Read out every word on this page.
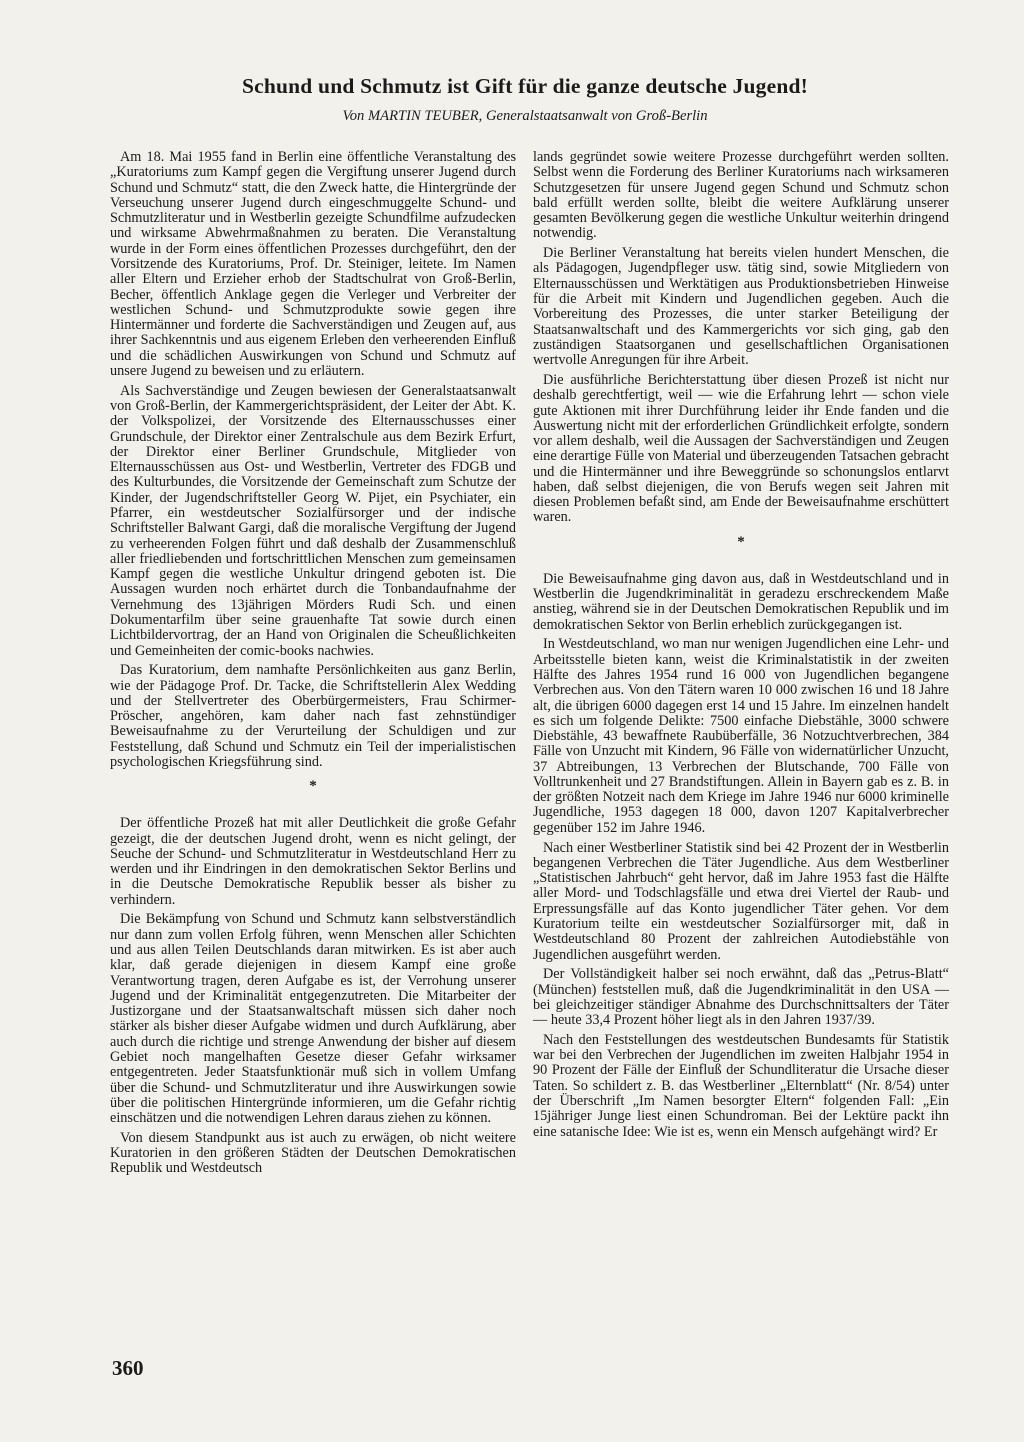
Schund und Schmutz ist Gift für die ganze deutsche Jugend!
Von MARTIN TEUBER, Generalstaatsanwalt von Groß-Berlin

Am 18. Mai 1955 fand in Berlin eine öffentliche Veranstaltung des „Kuratoriums zum Kampf gegen die Vergiftung unserer Jugend durch Schund und Schmutz“ statt, die den Zweck hatte, die Hintergründe der Verseuchung unserer Jugend durch eingeschmuggelte Schund- und Schmutzliteratur und in Westberlin gezeigte Schundfilme aufzudecken und wirksame Abwehrmaßnahmen zu beraten. Die Veranstaltung wurde in der Form eines öffentlichen Prozesses durchgeführt, den der Vorsitzende des Kuratoriums, Prof. Dr. Steiniger, leitete. Im Namen aller Eltern und Erzieher erhob der Stadtschulrat von Groß-Berlin, Becher, öffentlich Anklage gegen die Verleger und Verbreiter der westlichen Schund- und Schmutzprodukte sowie gegen ihre Hintermänner und forderte die Sachverständigen und Zeugen auf, aus ihrer Sachkenntnis und aus eigenem Erleben den verheerenden Einfluß und die schädlichen Auswirkungen von Schund und Schmutz auf unsere Jugend zu beweisen und zu erläutern.

Als Sachverständige und Zeugen bewiesen der Generalstaatsanwalt von Groß-Berlin, der Kammergerichtspräsident, der Leiter der Abt. K. der Volkspolizei, der Vorsitzende des Elternausschusses einer Grundschule, der Direktor einer Zentralschule aus dem Bezirk Erfurt, der Direktor einer Berliner Grundschule, Mitglieder von Elternausschüssen aus Ost- und Westberlin, Vertreter des FDGB und des Kulturbundes, die Vorsitzende der Gemeinschaft zum Schutze der Kinder, der Jugendschriftsteller Georg W. Pijet, ein Psychiater, ein Pfarrer, ein westdeutscher Sozialfürsorger und der indische Schriftsteller Balwant Gargi, daß die moralische Vergiftung der Jugend zu verheerenden Folgen führt und daß deshalb der Zusammenschluß aller friedliebenden und fortschrittlichen Menschen zum gemeinsamen Kampf gegen die westliche Unkultur dringend geboten ist. Die Aussagen wurden noch erhärtet durch die Tonbandaufnahme der Vernehmung des 13jährigen Mörders Rudi Sch. und einen Dokumentarfilm über seine grauenhafte Tat sowie durch einen Lichtbildervortrag, der an Hand von Originalen die Scheußlichkeiten und Gemeinheiten der comic-books nachwies.

Das Kuratorium, dem namhafte Persönlichkeiten aus ganz Berlin, wie der Pädagoge Prof. Dr. Tacke, die Schriftstellerin Alex Wedding und der Stellvertreter des Oberbürgermeisters, Frau Schirmer-Pröscher, angehören, kam daher nach fast zehnstündiger Beweisaufnahme zu der Verurteilung der Schuldigen und zur Feststellung, daß Schund und Schmutz ein Teil der imperialistischen psychologischen Kriegsführung sind.

*

Der öffentliche Prozeß hat mit aller Deutlichkeit die große Gefahr gezeigt, die der deutschen Jugend droht, wenn es nicht gelingt, der Seuche der Schund- und Schmutzliteratur in Westdeutschland Herr zu werden und ihr Eindringen in den demokratischen Sektor Berlins und in die Deutsche Demokratische Republik besser als bisher zu verhindern.

Die Bekämpfung von Schund und Schmutz kann selbstverständlich nur dann zum vollen Erfolg führen, wenn Menschen aller Schichten und aus allen Teilen Deutschlands daran mitwirken. Es ist aber auch klar, daß gerade diejenigen in diesem Kampf eine große Verantwortung tragen, deren Aufgabe es ist, der Verrohung unserer Jugend und der Kriminalität entgegenzutreten. Die Mitarbeiter der Justizorgane und der Staatsanwaltschaft müssen sich daher noch stärker als bisher dieser Aufgabe widmen und durch Aufklärung, aber auch durch die richtige und strenge Anwendung der bisher auf diesem Gebiet noch mangelhaften Gesetze dieser Gefahr wirksamer entgegentreten. Jeder Staatsfunktionär muß sich in vollem Umfang über die Schund- und Schmutzliteratur und ihre Auswirkungen sowie über die politischen Hintergründe informieren, um die Gefahr richtig einschätzen und die notwendigen Lehren daraus ziehen zu können.

Von diesem Standpunkt aus ist auch zu erwägen, ob nicht weitere Kuratorien in den größeren Städten der Deutschen Demokratischen Republik und Westdeutsch

lands gegründet sowie weitere Prozesse durchgeführt werden sollten. Selbst wenn die Forderung des Berliner Kuratoriums nach wirksameren Schutzgesetzen für unsere Jugend gegen Schund und Schmutz schon bald erfüllt werden sollte, bleibt die weitere Aufklärung unserer gesamten Bevölkerung gegen die westliche Unkultur weiterhin dringend notwendig.

Die Berliner Veranstaltung hat bereits vielen hundert Menschen, die als Pädagogen, Jugendpfleger usw. tätig sind, sowie Mitgliedern von Elternausschüssen und Werktätigen aus Produktionsbetrieben Hinweise für die Arbeit mit Kindern und Jugendlichen gegeben. Auch die Vorbereitung des Prozesses, die unter starker Beteiligung der Staatsanwaltschaft und des Kammergerichts vor sich ging, gab den zuständigen Staatsorganen und gesellschaftlichen Organisationen wertvolle Anregungen für ihre Arbeit.

Die ausführliche Berichterstattung über diesen Prozeß ist nicht nur deshalb gerechtfertigt, weil — wie die Erfahrung lehrt — schon viele gute Aktionen mit ihrer Durchführung leider ihr Ende fanden und die Auswertung nicht mit der erforderlichen Gründlichkeit erfolgte, sondern vor allem deshalb, weil die Aussagen der Sachverständigen und Zeugen eine derartige Fülle von Material und überzeugenden Tatsachen gebracht und die Hintermänner und ihre Beweggründe so schonungslos entlarvt haben, daß selbst diejenigen, die von Berufs wegen seit Jahren mit diesen Problemen befaßt sind, am Ende der Beweisaufnahme erschüttert waren.

*

Die Beweisaufnahme ging davon aus, daß in Westdeutschland und in Westberlin die Jugendkriminalität in geradezu erschreckendem Maße anstieg, während sie in der Deutschen Demokratischen Republik und im demokratischen Sektor von Berlin erheblich zurückgegangen ist.

In Westdeutschland, wo man nur wenigen Jugendlichen eine Lehr- und Arbeitsstelle bieten kann, weist die Kriminalstatistik in der zweiten Hälfte des Jahres 1954 rund 16 000 von Jugendlichen begangene Verbrechen aus. Von den Tätern waren 10 000 zwischen 16 und 18 Jahre alt, die übrigen 6000 dagegen erst 14 und 15 Jahre. Im einzelnen handelt es sich um folgende Delikte: 7500 einfache Diebstähle, 3000 schwere Diebstähle, 43 bewaffnete Raubüberfälle, 36 Notzuchtverbrechen, 384 Fälle von Unzucht mit Kindern, 96 Fälle von widernatürlicher Unzucht, 37 Abtreibungen, 13 Verbrechen der Blutschande, 700 Fälle von Volltrunkenheit und 27 Brandstiftungen. Allein in Bayern gab es z. B. in der größten Notzeit nach dem Kriege im Jahre 1946 nur 6000 kriminelle Jugendliche, 1953 dagegen 18 000, davon 1207 Kapitalverbrecher gegenüber 152 im Jahre 1946.

Nach einer Westberliner Statistik sind bei 42 Prozent der in Westberlin begangenen Verbrechen die Täter Jugendliche. Aus dem Westberliner „Statistischen Jahrbuch“ geht hervor, daß im Jahre 1953 fast die Hälfte aller Mord- und Todschlagsfälle und etwa drei Viertel der Raub- und Erpressungsfälle auf das Konto jugendlicher Täter gehen. Vor dem Kuratorium teilte ein westdeutscher Sozialfürsorger mit, daß in Westdeutschland 80 Prozent der zahlreichen Autodiebstähle von Jugendlichen ausgeführt werden.

Der Vollständigkeit halber sei noch erwähnt, daß das „Petrus-Blatt“ (München) feststellen muß, daß die Jugendkriminalität in den USA — bei gleichzeitiger ständiger Abnahme des Durchschnittsalters der Täter — heute 33,4 Prozent höher liegt als in den Jahren 1937/39.

Nach den Feststellungen des westdeutschen Bundesamts für Statistik war bei den Verbrechen der Jugendlichen im zweiten Halbjahr 1954 in 90 Prozent der Fälle der Einfluß der Schundliteratur die Ursache dieser Taten. So schildert z. B. das Westberliner „Elternblatt“ (Nr. 8/54) unter der Überschrift „Im Namen besorgter Eltern“ folgenden Fall: „Ein 15jähriger Junge liest einen Schundroman. Bei der Lektüre packt ihn eine satanische Idee: Wie ist es, wenn ein Mensch aufgehängt wird? Er

360
